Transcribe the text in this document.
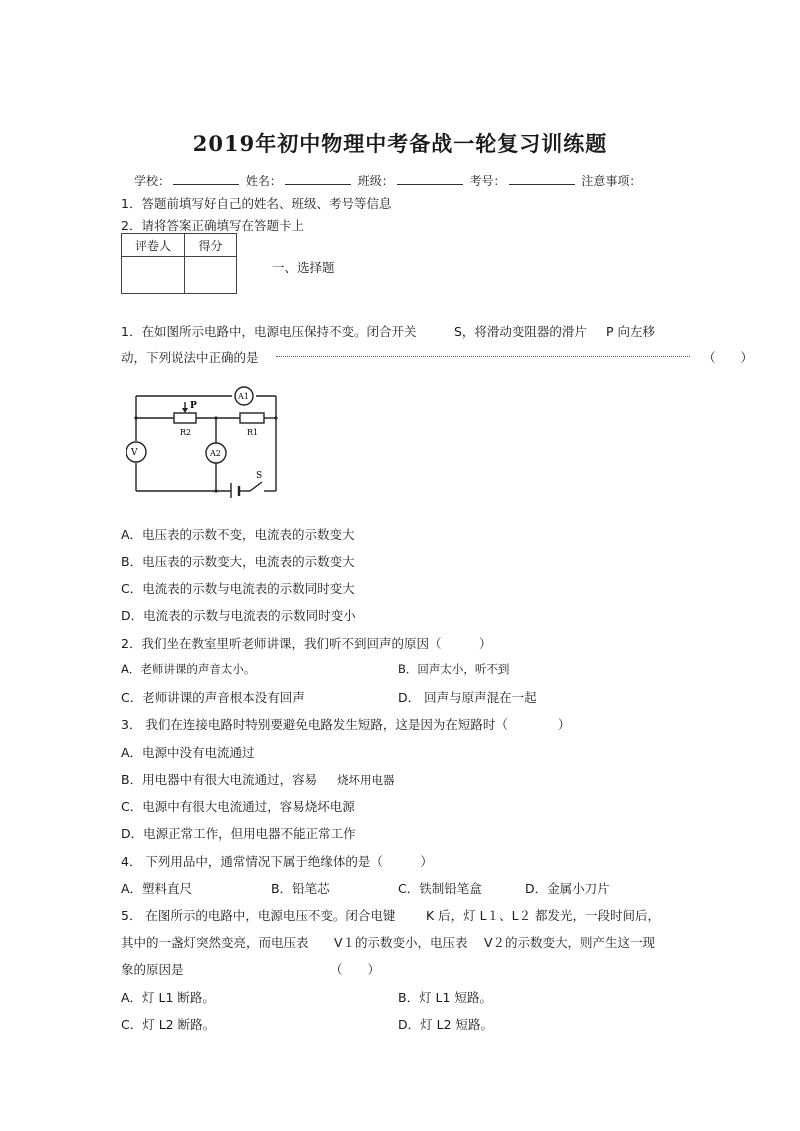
2019年初中物理中考备战一轮复习训练题
学校：	姓名：	班级：	考号：	注意事项：
1．答题前填写好自己的姓名、班级、考号等信息
2．请将答案正确填写在答题卡上
评卷人	得分

一、选择题
1．在如图所示电路中，电源电压保持不变。闭合开关	S，将滑动变阻器的滑片 P 向左移
动，下列说法中正确的是	（　　）
A1
V	A2
P
R2	R1
S
A．电压表的示数不变，电流表的示数变大
B．电压表的示数变大，电流表的示数变大
C．电流表的示数与电流表的示数同时变大
D．电流表的示数与电流表的示数同时变小
2．我们坐在教室里听老师讲课，我们听不到回声的原因（　　　）
A．老师讲课的声音太小。	B．回声太小，听不到
C．老师讲课的声音根本没有回声	D． 回声与原声混在一起
3． 我们在连接电路时特别要避免电路发生短路，这是因为在短路时（　　　　）
A．电源中没有电流通过
B．用电器中有很大电流通过，容易 烧坏用电器
C．电源中有很大电流通过，容易烧坏电源
D．电源正常工作，但用电器不能正常工作
4． 下列用品中，通常情况下属于绝缘体的是（　　　）
A．塑料直尺	B．铅笔芯	C．铁制铅笔盒	D．金属小刀片
5． 在图所示的电路中，电源电压不变。闭合电键 K 后，灯 L１、L２ 都发光，一段时间后，
其中的一盏灯突然变亮，而电压表 V１的示数变小，电压表 V２的示数变大，则产生这一现
象的原因是	（　　）
A．灯 L1 断路。	B．灯 L1 短路。
C．灯 L2 断路。	D．灯 L2 短路。
